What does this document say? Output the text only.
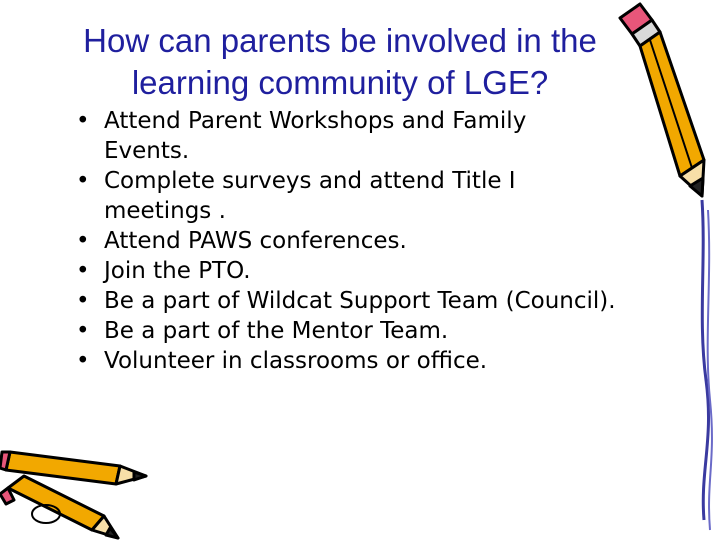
How can parents be involved in the
learning community of LGE?
• Attend Parent Workshops and Family Events.
• Complete surveys and attend Title I meetings .
• Attend PAWS conferences.
• Join the PTO.
• Be a part of Wildcat Support Team (Council).
• Be a part of the Mentor Team.
• Volunteer in classrooms or office.
